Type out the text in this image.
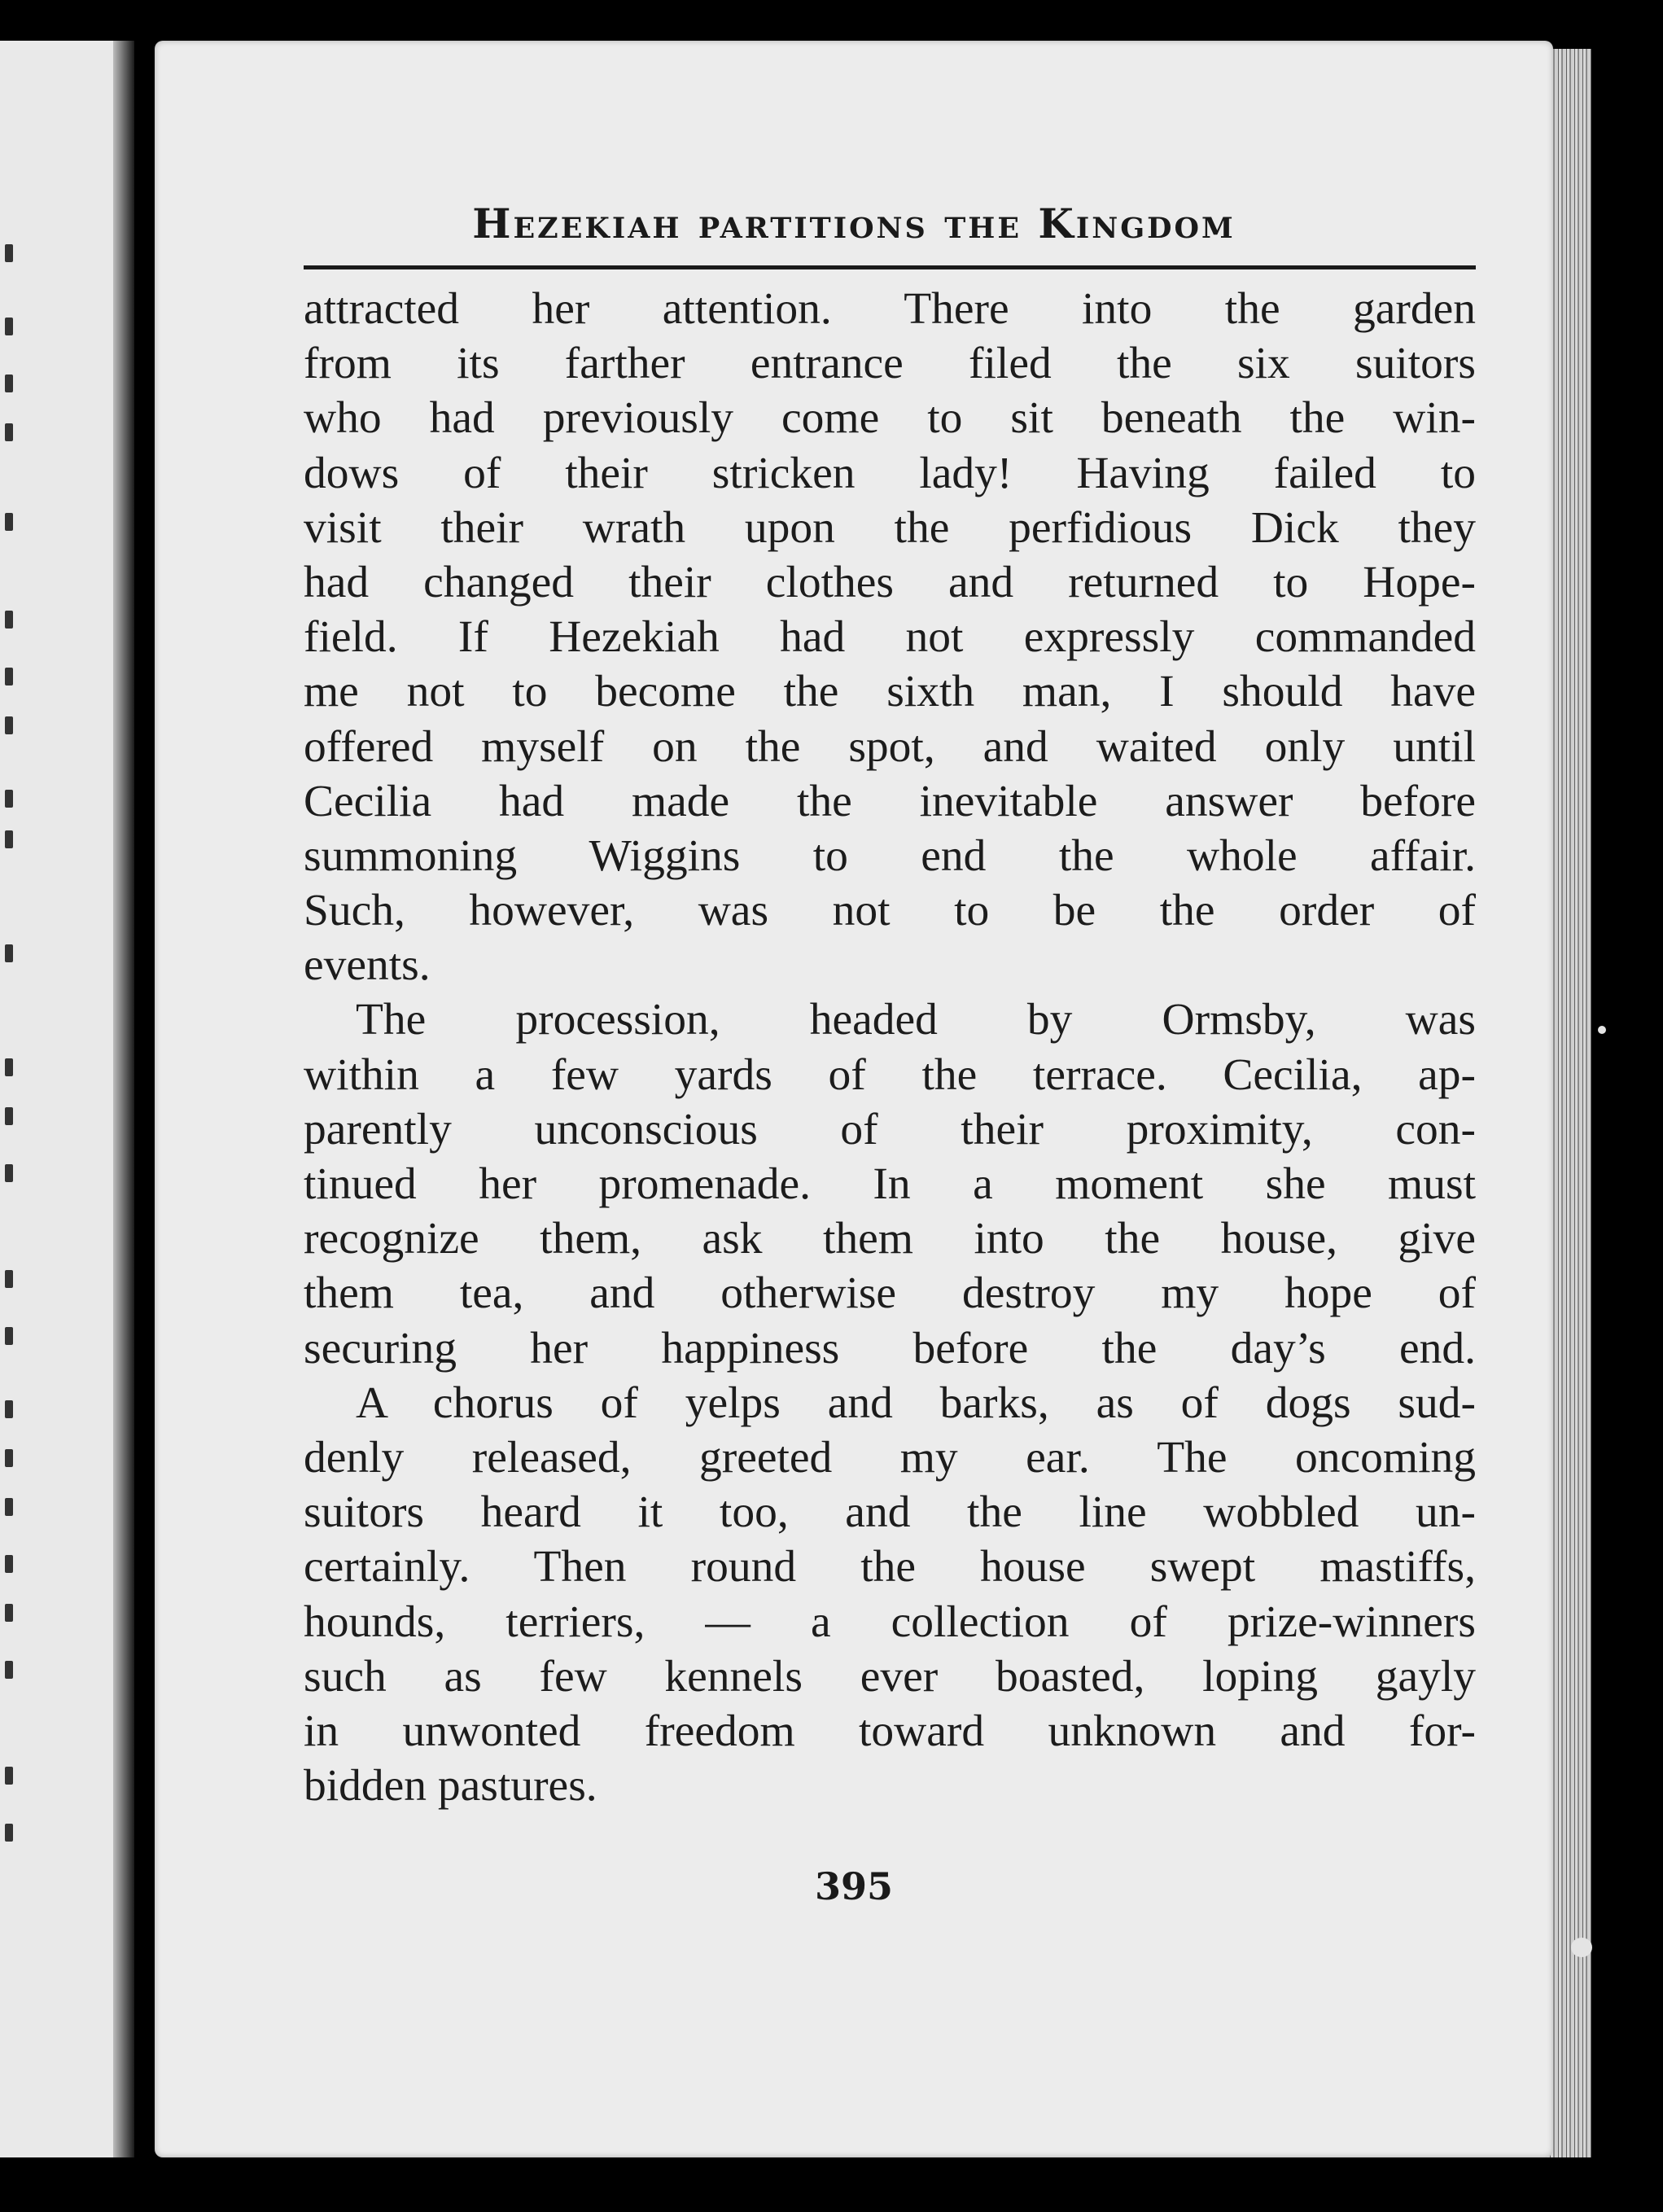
Hezekiah partitions the Kingdom
attracted her attention. There into the garden
from its farther entrance filed the six suitors
who had previously come to sit beneath the win-
dows of their stricken lady! Having failed to
visit their wrath upon the perfidious Dick they
had changed their clothes and returned to Hope-
field. If Hezekiah had not expressly commanded
me not to become the sixth man, I should have
offered myself on the spot, and waited only until
Cecilia had made the inevitable answer before
summoning Wiggins to end the whole affair.
Such, however, was not to be the order of
events.
The procession, headed by Ormsby, was
within a few yards of the terrace. Cecilia, ap-
parently unconscious of their proximity, con-
tinued her promenade. In a moment she must
recognize them, ask them into the house, give
them tea, and otherwise destroy my hope of
securing her happiness before the day’s end.
A chorus of yelps and barks, as of dogs sud-
denly released, greeted my ear. The oncoming
suitors heard it too, and the line wobbled un-
certainly. Then round the house swept mastiffs,
hounds, terriers, — a collection of prize-winners
such as few kennels ever boasted, loping gayly
in unwonted freedom toward unknown and for-
bidden pastures.
395
